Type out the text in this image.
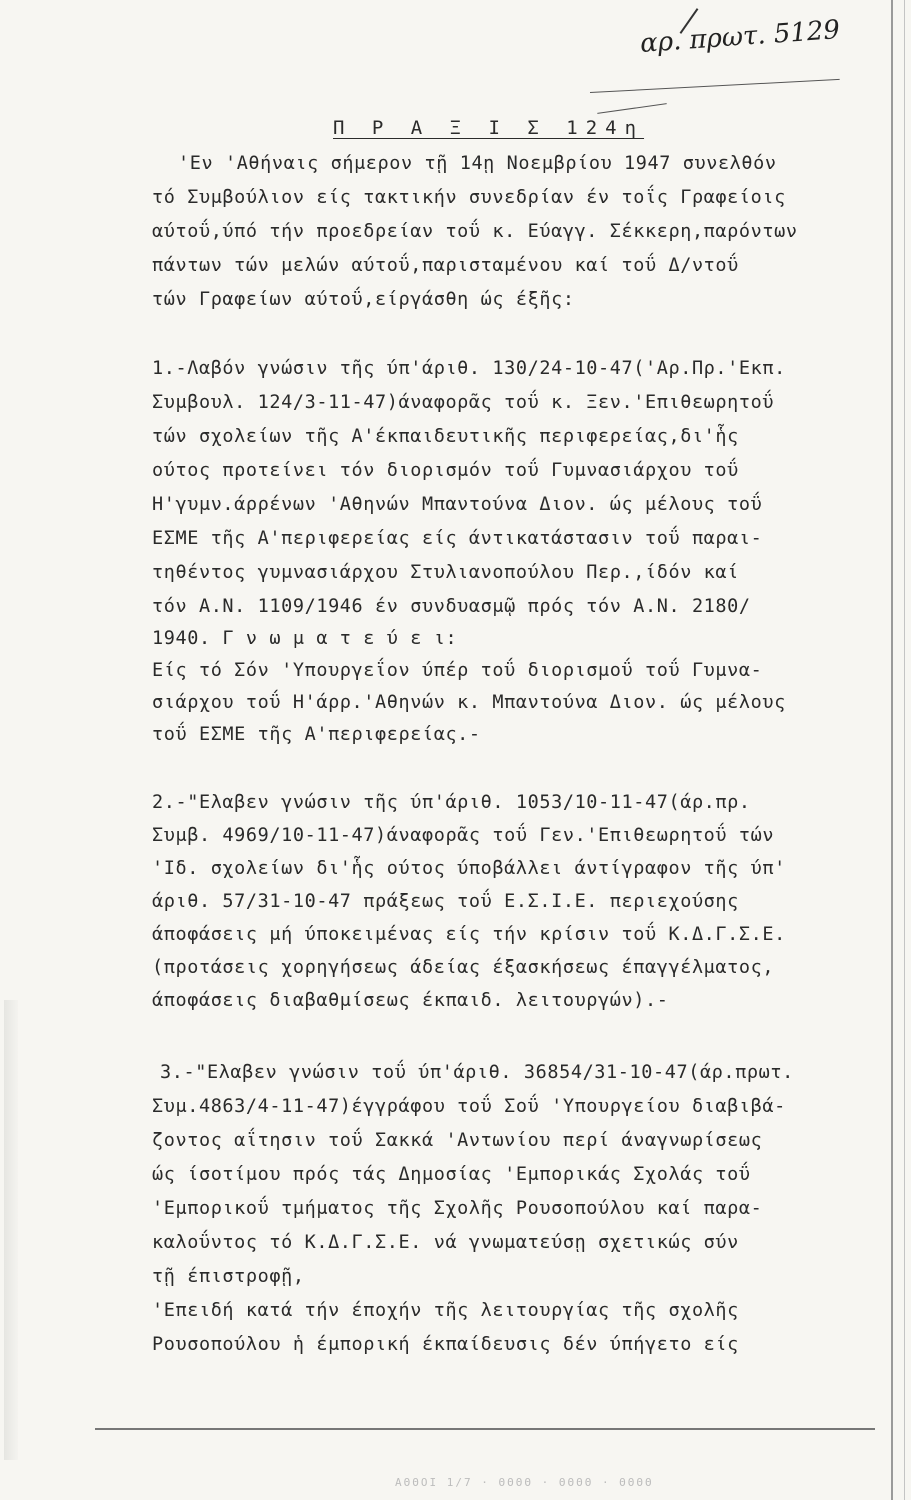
αρ. πρωτ. 5129
Π Ρ Α Ξ Ι Σ 124η
'Εν 'Αθήναις σήμερον τῇ 14ῃ Νοεμβρίου 1947 συνελθόν
τό Συμβούλιον είς τακτικήν συνεδρίαν έν τοΐς Γραφείοις
αύτοΰ,ύπό τήν προεδρείαν τοΰ κ. Εύαγγ. Σέκκερη,παρόντων
πάντων τών μελών αύτοΰ,παρισταμένου καί τοΰ Δ/ντοΰ
τών Γραφείων αύτοΰ,είργάσθη ώς έξῆς:
1.-Λαβόν γνώσιν τῆς ύπ'άριθ. 130/24-10-47('Αρ.Πρ.'Εκπ.
Συμβουλ. 124/3-11-47)άναφορᾶς τοΰ κ. Ξεν.'Επιθεωρητοΰ
τών σχολείων τῆς Α'έκπαιδευτικῆς περιφερείας,δι'ἧς
ούτος προτείνει τόν διορισμόν τοΰ Γυμνασιάρχου τοΰ
Η'γυμν.άρρένων 'Αθηνών Μπαντούνα Διον. ώς μέλους τοΰ
ΕΣΜΕ τῆς Α'περιφερείας είς άντικατάστασιν τοΰ παραι-
τηθέντος γυμνασιάρχου Στυλιανοπούλου Περ.,ίδόν καί
τόν Α.Ν. 1109/1946 έν συνδυασμῷ πρός τόν Α.Ν. 2180/
1940. Γ ν ω μ α τ ε ύ ε ι:
Είς τό Σόν 'Υπουργεΐον ύπέρ τοΰ διορισμοΰ τοΰ Γυμνα-
σιάρχου τοΰ Η'άρρ.'Αθηνών κ. Μπαντούνα Διον. ώς μέλους
τοΰ ΕΣΜΕ τῆς Α'περιφερείας.-
2.-"Ελαβεν γνώσιν τῆς ύπ'άριθ. 1053/10-11-47(άρ.πρ.
Συμβ. 4969/10-11-47)άναφορᾶς τοΰ Γεν.'Επιθεωρητοΰ τών
'Ιδ. σχολείων δι'ἧς ούτος ύποβάλλει άντίγραφον τῆς ύπ'
άριθ. 57/31-10-47 πράξεως τοΰ Ε.Σ.Ι.Ε. περιεχούσης
άποφάσεις μή ύποκειμένας είς τήν κρίσιν τοΰ Κ.Δ.Γ.Σ.Ε.
(προτάσεις χορηγήσεως άδείας έξασκήσεως έπαγγέλματος,
άποφάσεις διαβαθμίσεως έκπαιδ. λειτουργών).-
3.-"Ελαβεν γνώσιν τοΰ ύπ'άριθ. 36854/31-10-47(άρ.πρωτ.
Συμ.4863/4-11-47)έγγράφου τοΰ Σοΰ 'Υπουργείου διαβιβά-
ζοντος αΐτησιν τοΰ Σακκά 'Αντωνίου περί άναγνωρίσεως
ώς ίσοτίμου πρός τάς Δημοσίας 'Εμπορικάς Σχολάς τοΰ
'Εμπορικοΰ τμήματος τῆς Σχολῆς Ρουσοπούλου καί παρα-
καλοΰντος τό Κ.Δ.Γ.Σ.Ε. νά γνωματεύσῃ σχετικώς σύν
τῇ έπιστροφῇ,
'Επειδή κατά τήν έποχήν τῆς λειτουργίας τῆς σχολῆς
Ρουσοπούλου ἡ έμπορική έκπαίδευσις δέν ύπήγετο είς
ΑΘΘΟΙ 1/7 · ΘΘΘΘ · ΘΘΘΘ · ΘΘΘΘ
